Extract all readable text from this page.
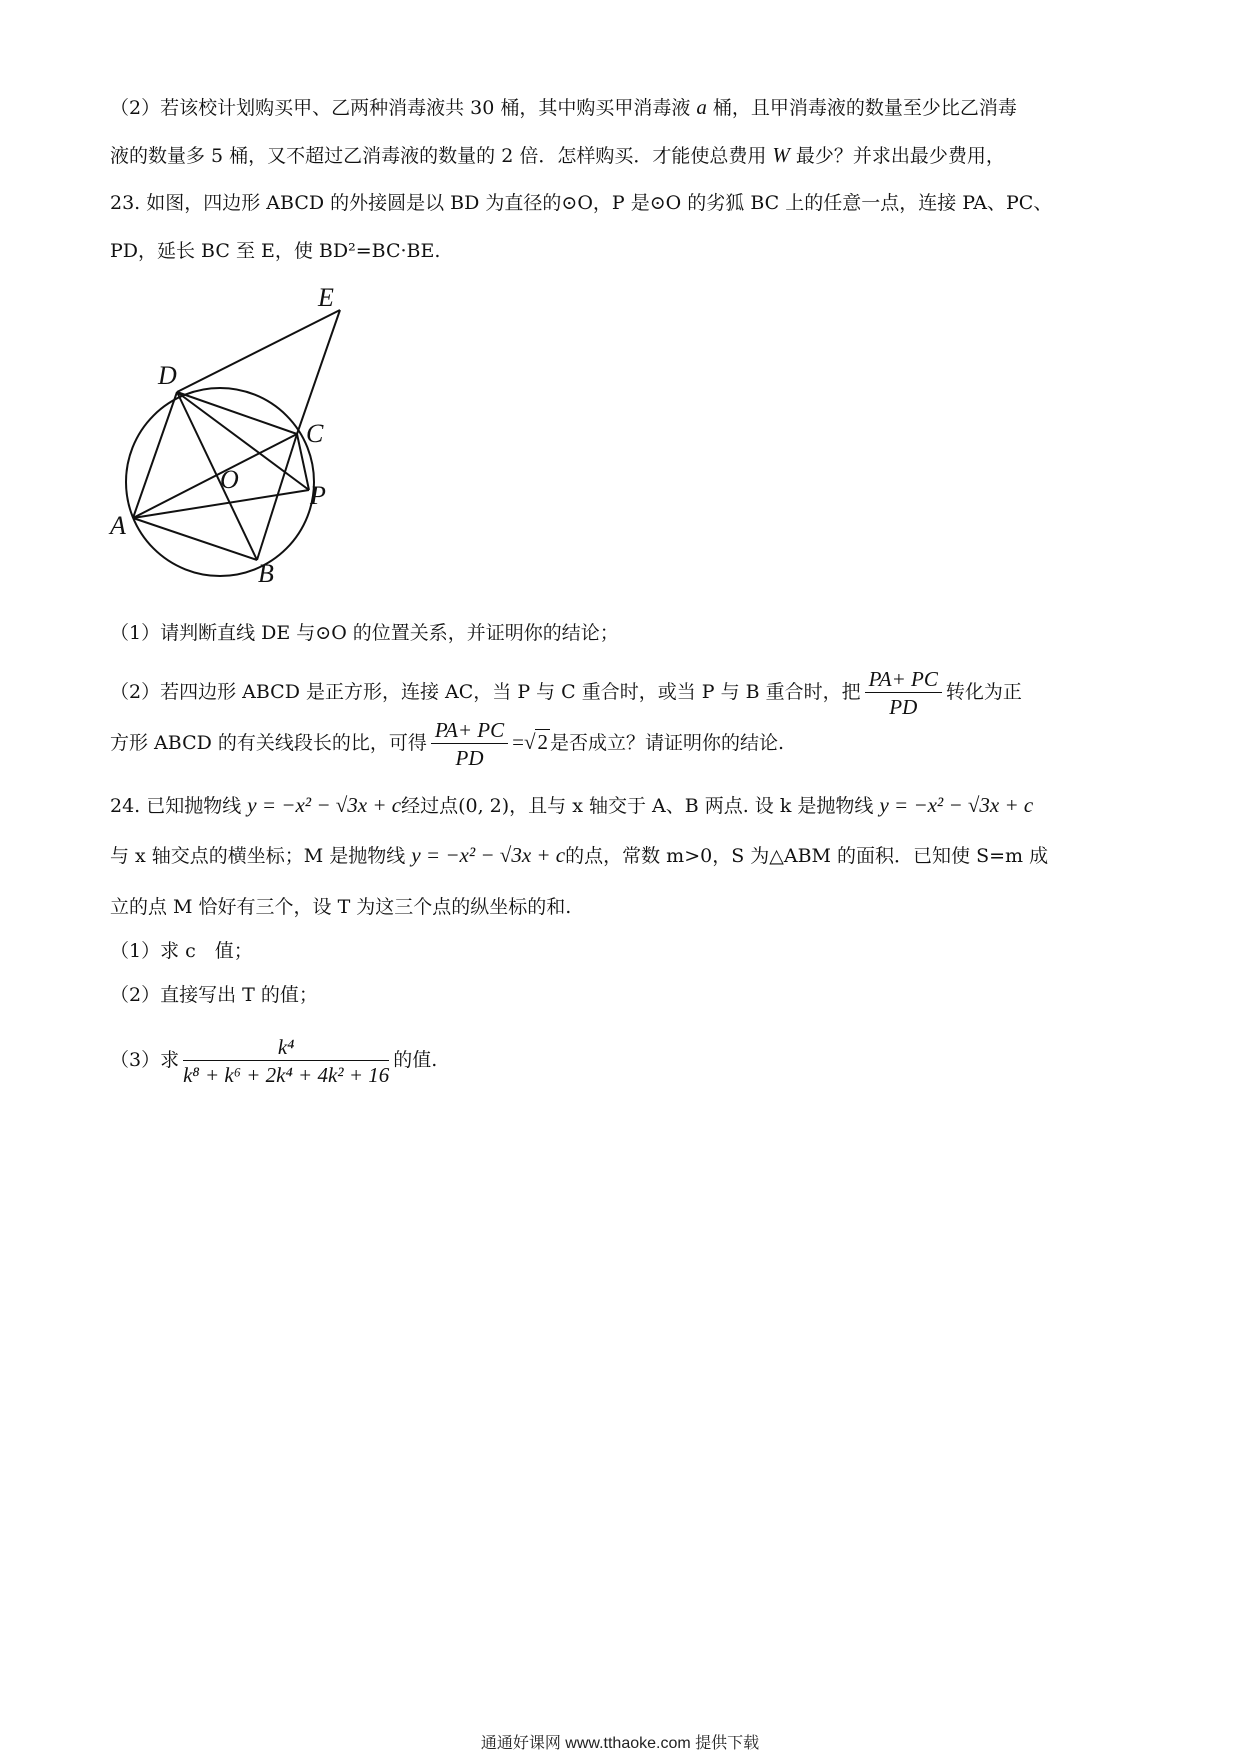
（2）若该校计划购买甲、乙两种消毒液共 30 桶，其中购买甲消毒液 a 桶，且甲消毒液的数量至少比乙消毒
液的数量多 5 桶，又不超过乙消毒液的数量的 2 倍．怎样购买．才能使总费用 W 最少？并求出最少费用，
23. 如图，四边形 ABCD 的外接圆是以 BD 为直径的⊙O，P 是⊙O 的劣狐 BC 上的任意一点，连接 PA、PC、
PD，延长 BC 至 E，使 BD²=BC·BE.
E
D
C
O
P
A
B
（1）请判断直线 DE 与⊙O 的位置关系，并证明你的结论；
（2）若四边形 ABCD 是正方形，连接 AC，当 P 与 C 重合时，或当 P 与 B 重合时，把 $\frac{PA+ PC}{PD}$ 转化为正
方形 ABCD 的有关线段长的比，可得 $\frac{PA+ PC}{PD} =√2$ 是否成立？请证明你的结论.
24. 已知抛物线 y = −x² − √3x + c经过点(0, 2)，且与 x 轴交于 A、B 两点. 设 k 是抛物线 y = −x² − √3x + c
与 x 轴交点的横坐标；M 是抛物线 y = −x² − √3x + c的点，常数 m>0，S 为△ABM 的面积．已知使 S=m 成
立的点 M 恰好有三个，设 T 为这三个点的纵坐标的和.
（1）求 c　值；
（2）直接写出 T 的值；
（3）求 $\frac{\text{k⁴}}{\text{k⁸ + k⁶ + 2k⁴ + 4k² + 16}}$ 的值.
通通好课网 www.tthaoke.com 提供下载
